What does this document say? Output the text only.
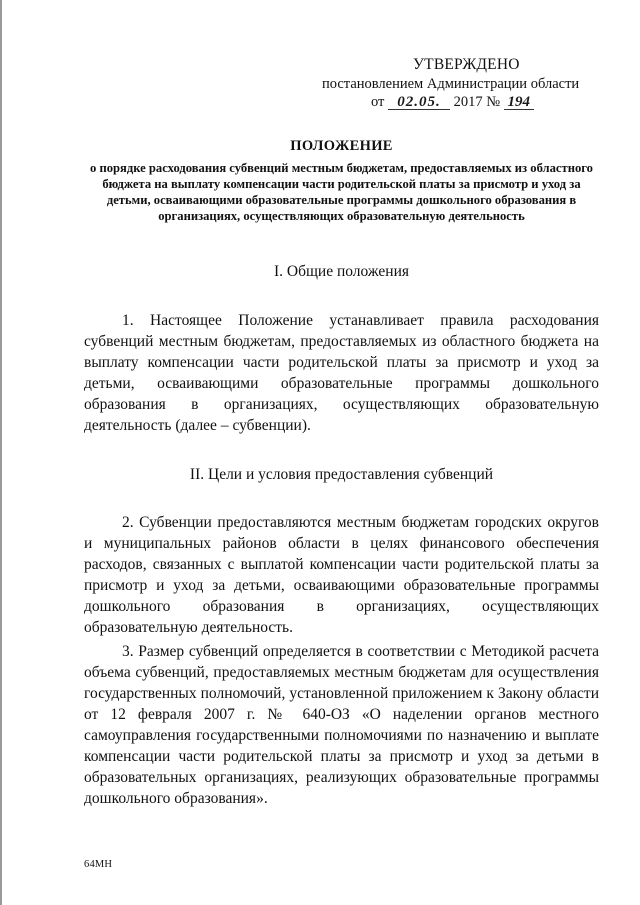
УТВЕРЖДЕНО
постановлением Администрации области
от 02.05. 2017 № 194
ПОЛОЖЕНИЕ
о порядке расходования субвенций местным бюджетам, предоставляемых из областного бюджета на выплату компенсации части родительской платы за присмотр и уход за детьми, осваивающими образовательные программы дошкольного образования в организациях, осуществляющих образовательную деятельность
I. Общие положения
1. Настоящее Положение устанавливает правила расходования субвенций местным бюджетам, предоставляемых из областного бюджета на выплату компенсации части родительской платы за присмотр и уход за детьми, осваивающими образовательные программы дошкольного образования в организациях, осуществляющих образовательную деятельность (далее – субвенции).
II. Цели и условия предоставления субвенций
2. Субвенции предоставляются местным бюджетам городских округов и муниципальных районов области в целях финансового обеспечения расходов, связанных с выплатой компенсации части родительской платы за присмотр и уход за детьми, осваивающими образовательные программы дошкольного образования в организациях, осуществляющих образовательную деятельность.
3. Размер субвенций определяется в соответствии с Методикой расчета объема субвенций, предоставляемых местным бюджетам для осуществления государственных полномочий, установленной приложением к Закону области от 12 февраля 2007 г. № 640-ОЗ «О наделении органов местного самоуправления государственными полномочиями по назначению и выплате компенсации части родительской платы за присмотр и уход за детьми в образовательных организациях, реализующих образовательные программы дошкольного образования».
64МН
